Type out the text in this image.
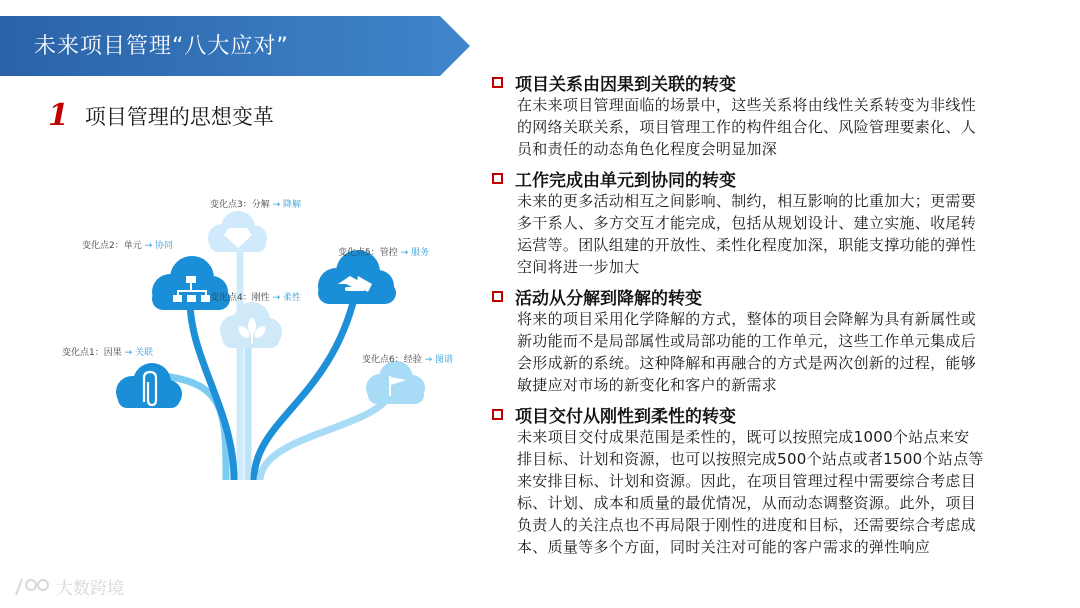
未来项目管理“八大应对”
1 项目管理的思想变革
变化点1：因果 → 关联
变化点2：单元 → 协同
变化点3：分解 → 降解
变化点4：刚性 → 柔性
变化点5：管控 → 服务
变化点6：经验 → 图谱
项目关系由因果到关联的转变
在未来项目管理面临的场景中，这些关系将由线性关系转变为非线性
的网络关联关系，项目管理工作的构件组合化、风险管理要素化、人
员和责任的动态角色化程度会明显加深
工作完成由单元到协同的转变
未来的更多活动相互之间影响、制约，相互影响的比重加大；更需要
多干系人、多方交互才能完成，包括从规划设计、建立实施、收尾转
运营等。团队组建的开放性、柔性化程度加深，职能支撑功能的弹性
空间将进一步加大
活动从分解到降解的转变
将来的项目采用化学降解的方式，整体的项目会降解为具有新属性或
新功能而不是局部属性或局部功能的工作单元，这些工作单元集成后
会形成新的系统。这种降解和再融合的方式是两次创新的过程，能够
敏捷应对市场的新变化和客户的新需求
项目交付从刚性到柔性的转变
未来项目交付成果范围是柔性的，既可以按照完成1000个站点来安
排目标、计划和资源，也可以按照完成500个站点或者1500个站点等
来安排目标、计划和资源。因此，在项目管理过程中需要综合考虑目
标、计划、成本和质量的最优情况，从而动态调整资源。此外，项目
负责人的关注点也不再局限于刚性的进度和目标，还需要综合考虑成
本、质量等多个方面，同时关注对可能的客户需求的弹性响应
大数跨境
